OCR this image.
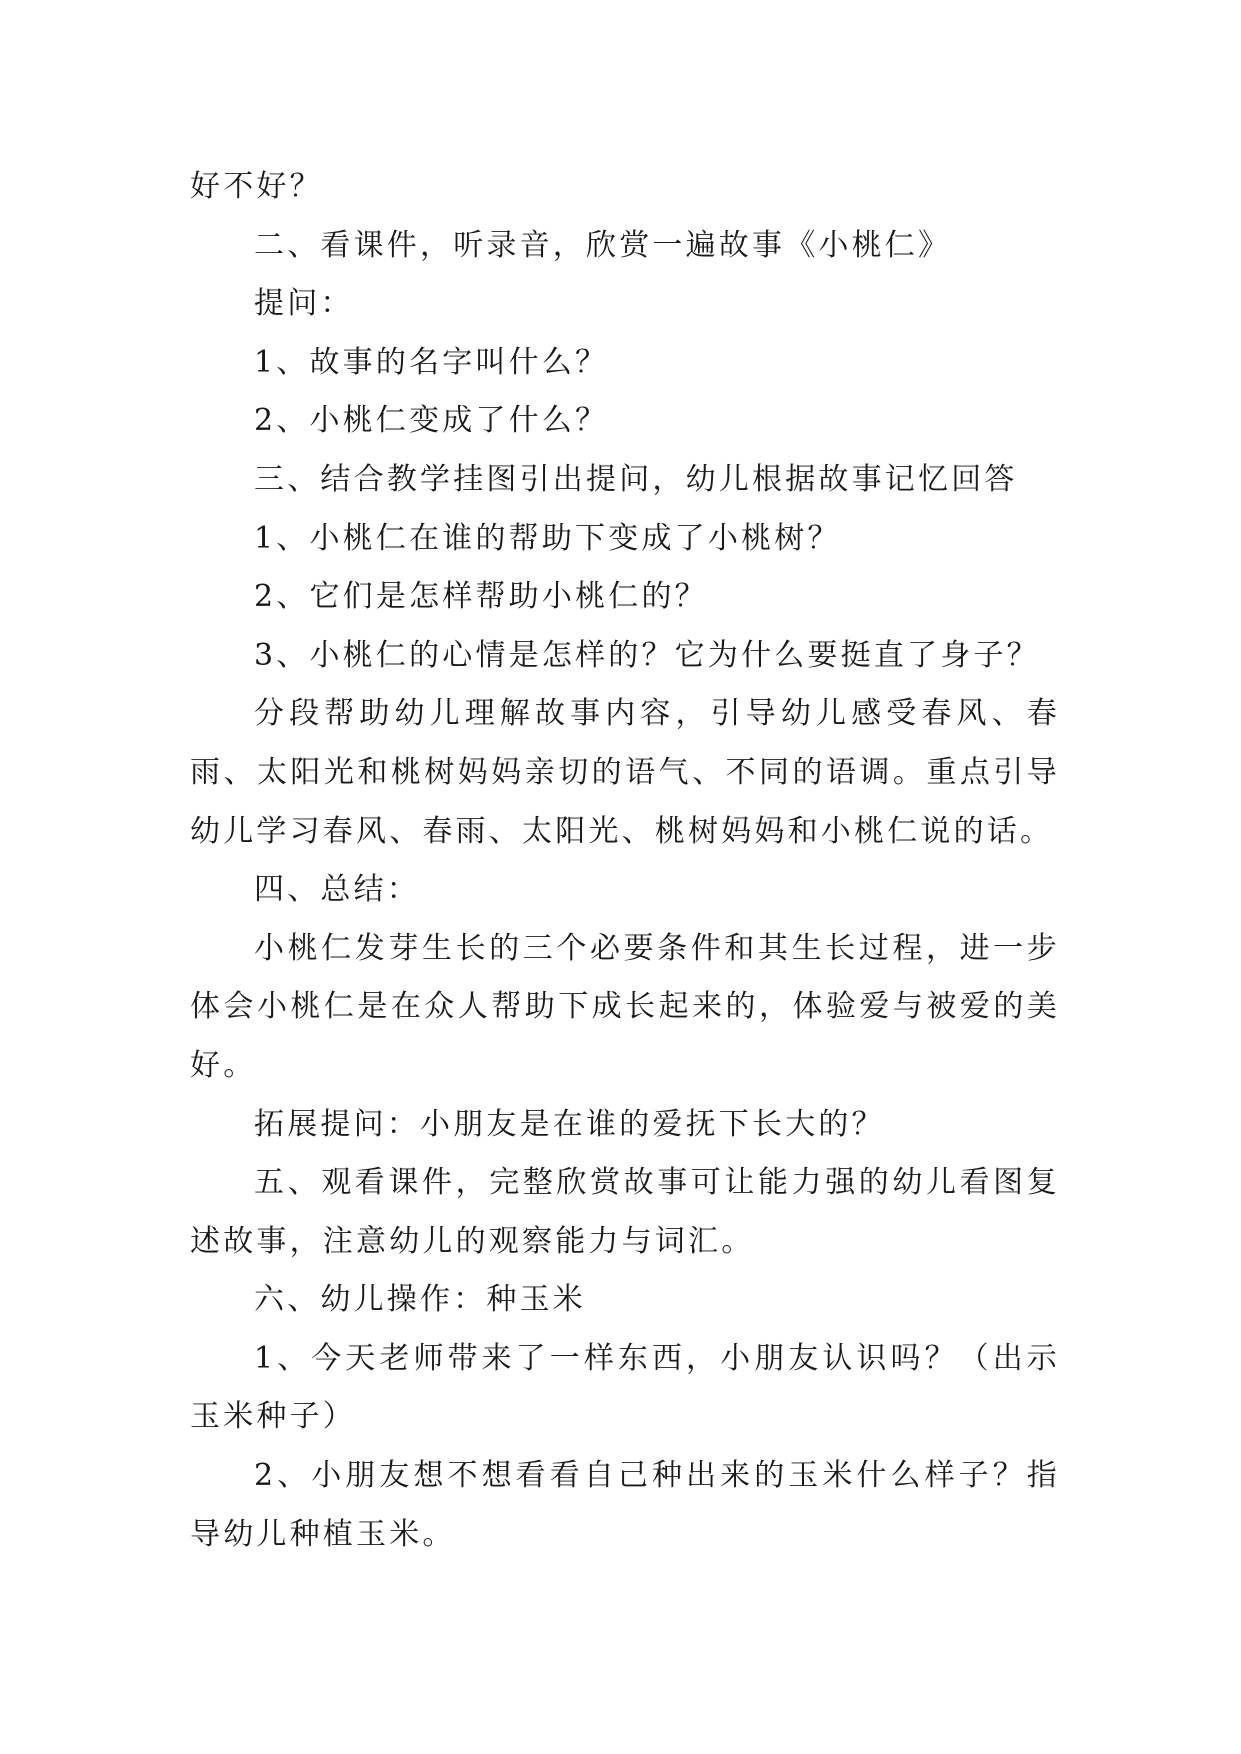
好不好？

二、看课件，听录音，欣赏一遍故事《小桃仁》

提问：

1、故事的名字叫什么？

2、小桃仁变成了什么？

三、结合教学挂图引出提问，幼儿根据故事记忆回答

1、小桃仁在谁的帮助下变成了小桃树？

2、它们是怎样帮助小桃仁的？

3、小桃仁的心情是怎样的？它为什么要挺直了身子？

分段帮助幼儿理解故事内容，引导幼儿感受春风、春雨、太阳光和桃树妈妈亲切的语气、不同的语调。重点引导幼儿学习春风、春雨、太阳光、桃树妈妈和小桃仁说的话。

四、总结：

小桃仁发芽生长的三个必要条件和其生长过程，进一步体会小桃仁是在众人帮助下成长起来的，体验爱与被爱的美好。

拓展提问：小朋友是在谁的爱抚下长大的？

五、观看课件，完整欣赏故事可让能力强的幼儿看图复述故事，注意幼儿的观察能力与词汇。

六、幼儿操作：种玉米

1、今天老师带来了一样东西，小朋友认识吗？（出示玉米种子）

2、小朋友想不想看看自己种出来的玉米什么样子？指导幼儿种植玉米。
